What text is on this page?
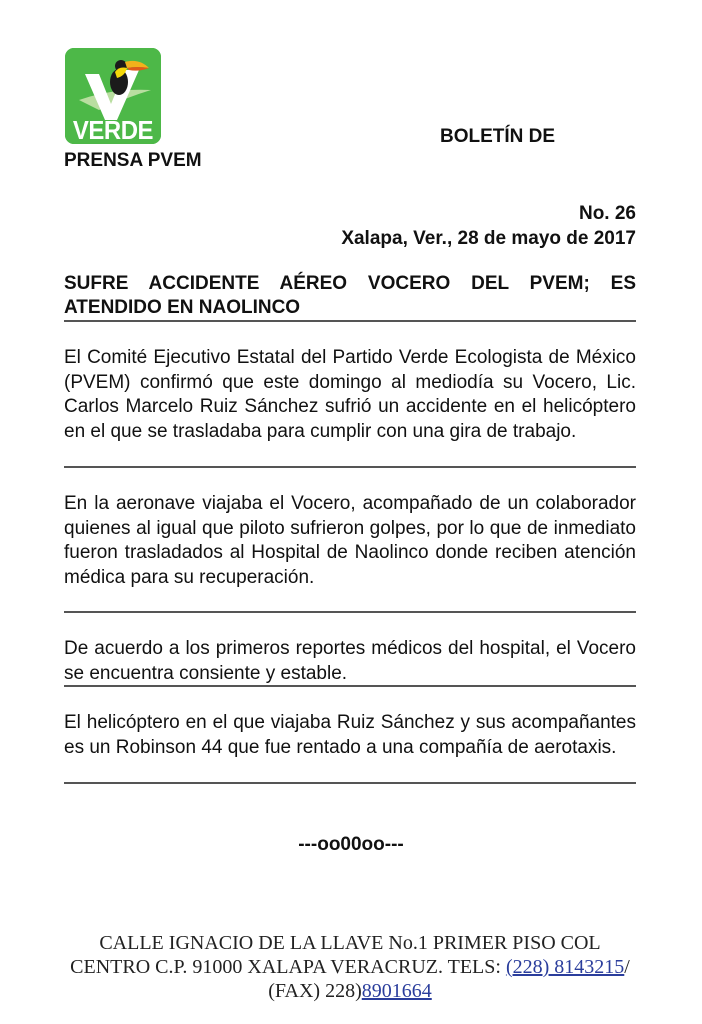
VERDE	BOLETÍN DE
PRENSA PVEM
No. 26
Xalapa, Ver., 28 de mayo de 2017
SUFRE ACCIDENTE AÉREO VOCERO DEL PVEM; ES ATENDIDO EN NAOLINCO
El Comité Ejecutivo Estatal del Partido Verde Ecologista de México (PVEM) confirmó que este domingo al mediodía su Vocero, Lic. Carlos Marcelo Ruiz Sánchez sufrió un accidente en el helicóptero en el que se trasladaba para cumplir con una gira de trabajo.
En la aeronave viajaba el Vocero, acompañado de un colaborador quienes al igual que piloto sufrieron golpes, por lo que de inmediato fueron trasladados al Hospital de Naolinco donde reciben atención médica para su recuperación.
De acuerdo a los primeros reportes médicos del hospital, el Vocero se encuentra consiente y estable.
El helicóptero en el que viajaba Ruiz Sánchez y sus acompañantes es un Robinson 44 que fue rentado a una compañía de aerotaxis.
---oo00oo---
CALLE IGNACIO DE LA LLAVE No.1 PRIMER PISO COL CENTRO C.P. 91000 XALAPA VERACRUZ. TELS: (228) 8143215/ (FAX) 228)8901664
